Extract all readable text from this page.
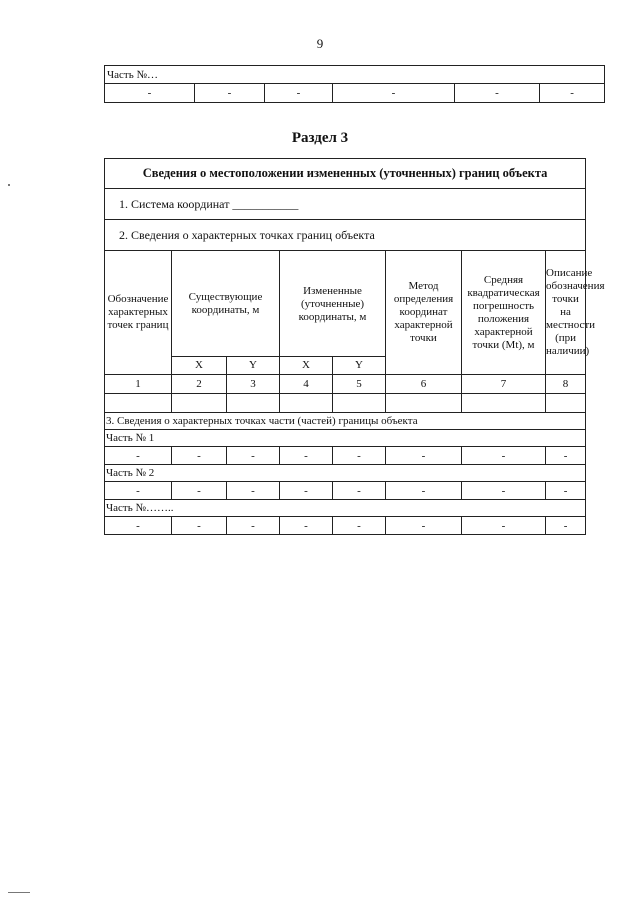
9
Часть №…
-	-	-	-	-	-
Раздел 3
Сведения о местоположении измененных (уточненных) границ объекта							
1. Система координат ___________							
2. Сведения о характерных точках границ объекта							
Обозначение характерных точек границ	Существующие координаты, м		Измененные (уточненные) координаты, м		Метод определения координат характерной точки	Средняя квадратическая погрешность положения характерной точки (Mt), м	Описание обозначения точки на местности (при наличии)
	X	Y	X	Y			
1	2	3	4	5	6	7	8

3. Сведения о характерных точках части (частей) границы объекта							
Часть № 1							
-	-	-	-	-	-	-	-
Часть № 2							
-	-	-	-	-	-	-	-
Часть №……..							
-	-	-	-	-	-	-	-
